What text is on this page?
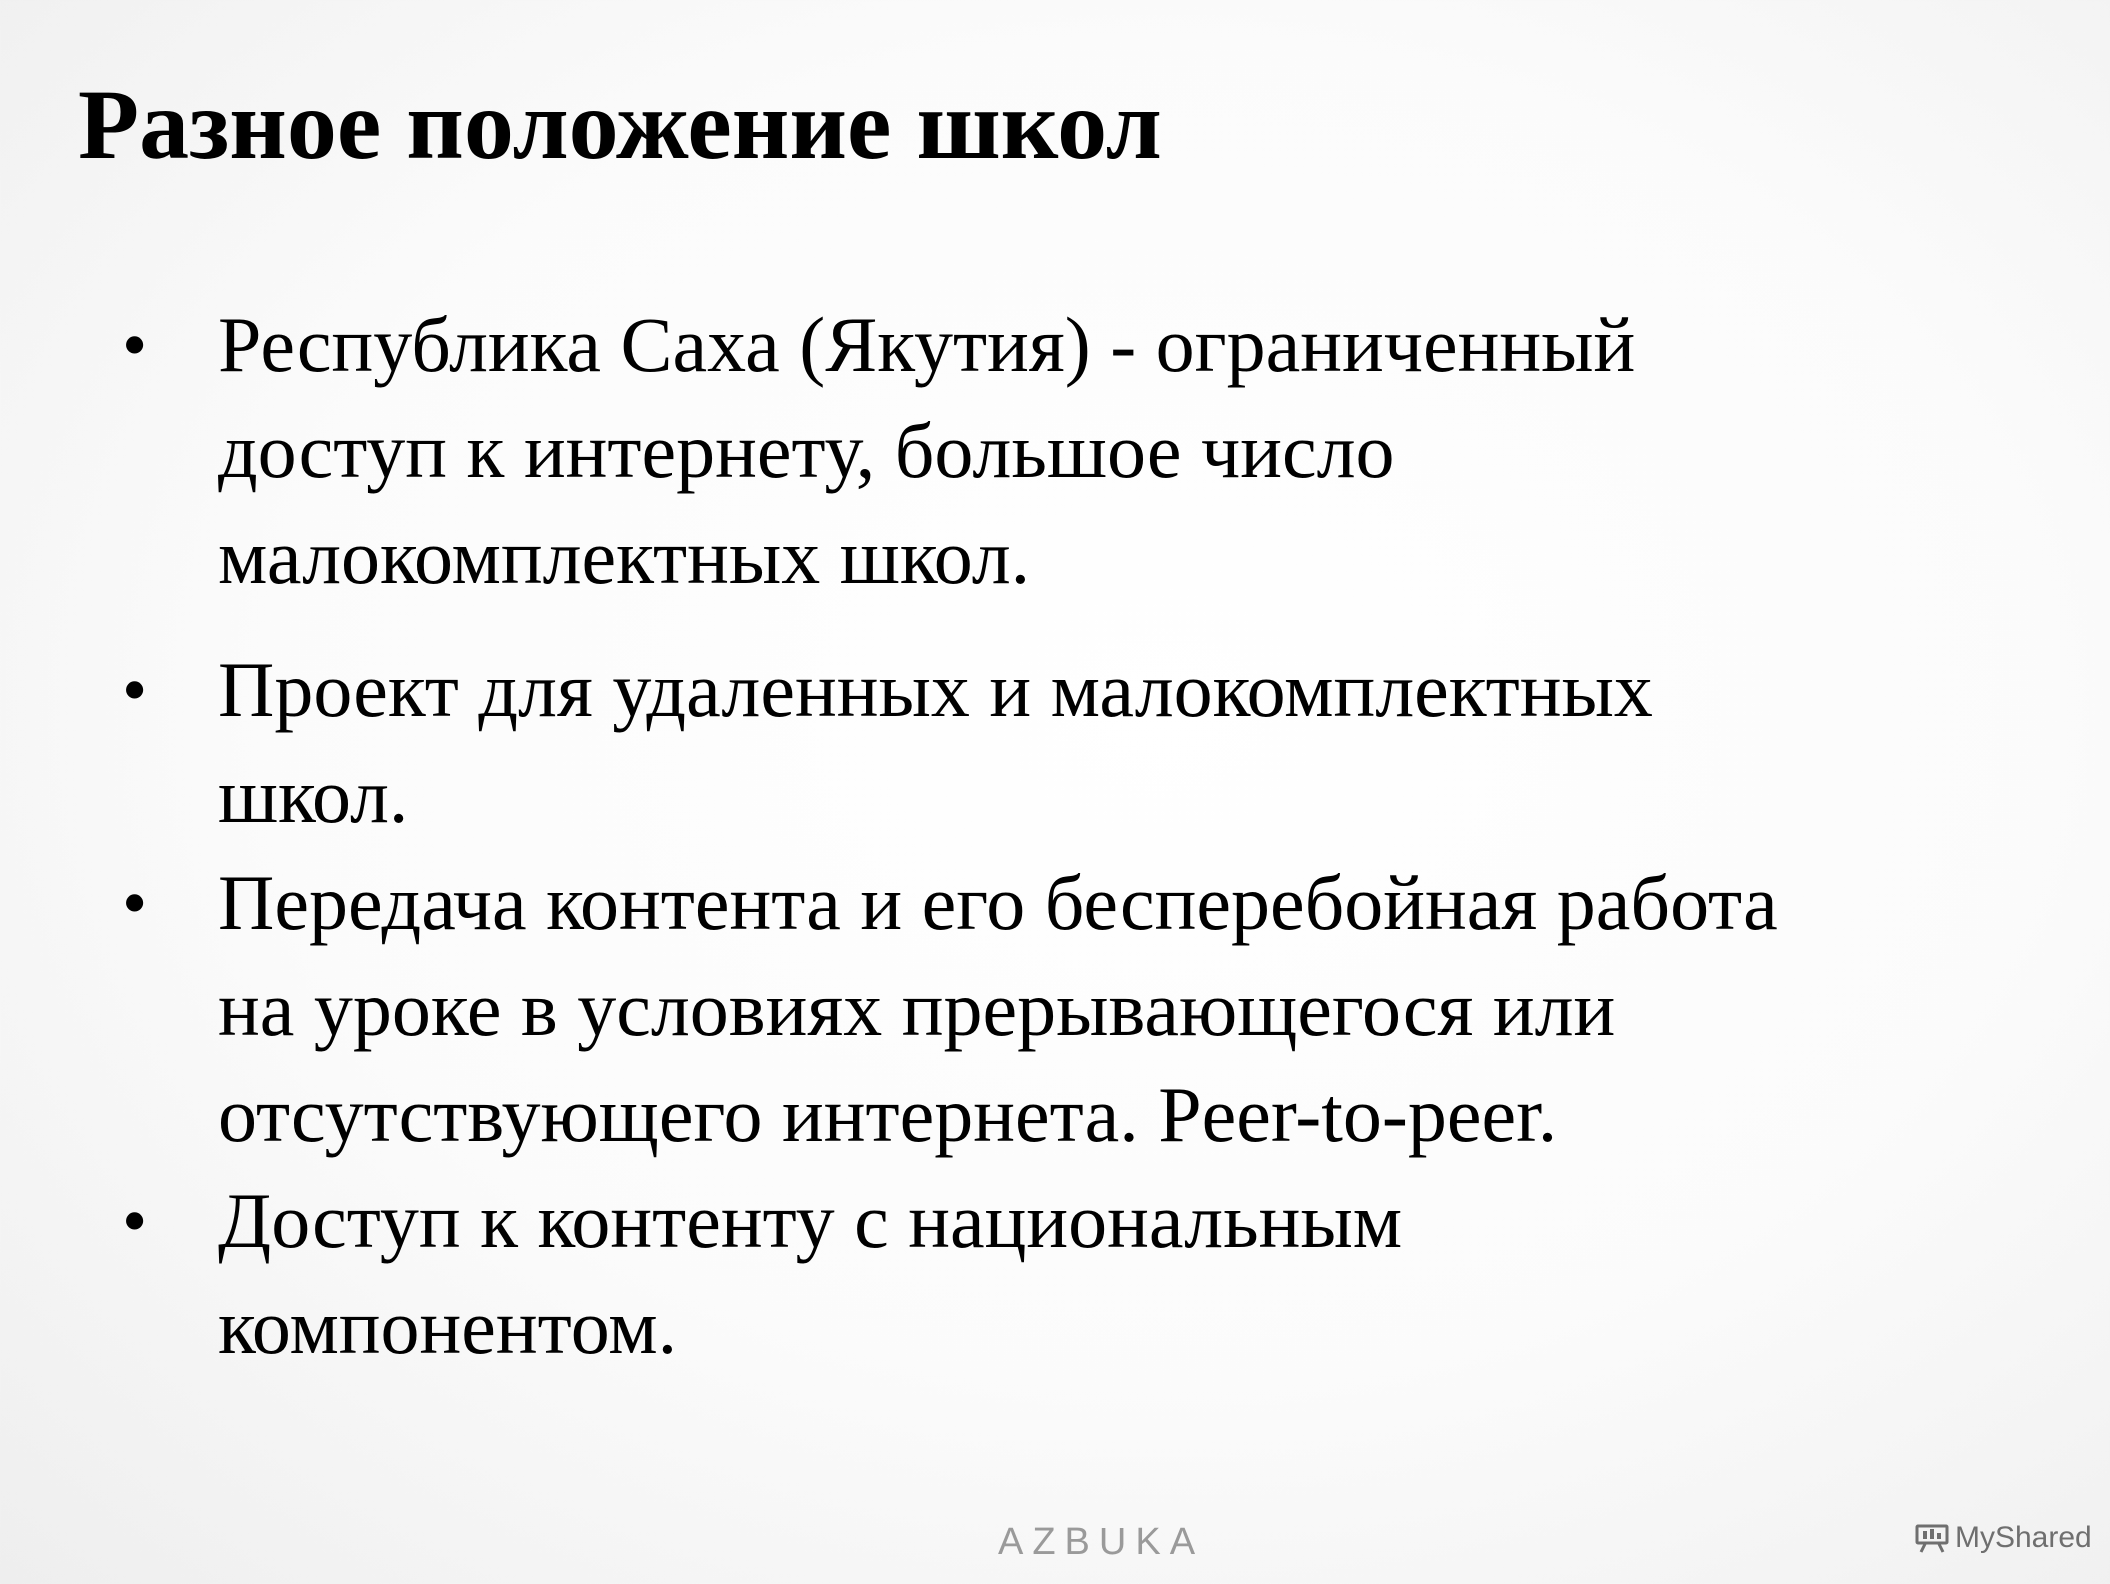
Разное положение школ
• Республика Саха (Якутия) - ограниченный
доступ к интернету, большое число
малокомплектных школ.
• Проект для удаленных и малокомплектных
школ.
• Передача контента и его бесперебойная работа
на уроке в условиях прерывающегося или
отсутствующего интернета. Peer-to-peer.
• Доступ к контенту с национальным
компонентом.
AZBUKA	MyShared
